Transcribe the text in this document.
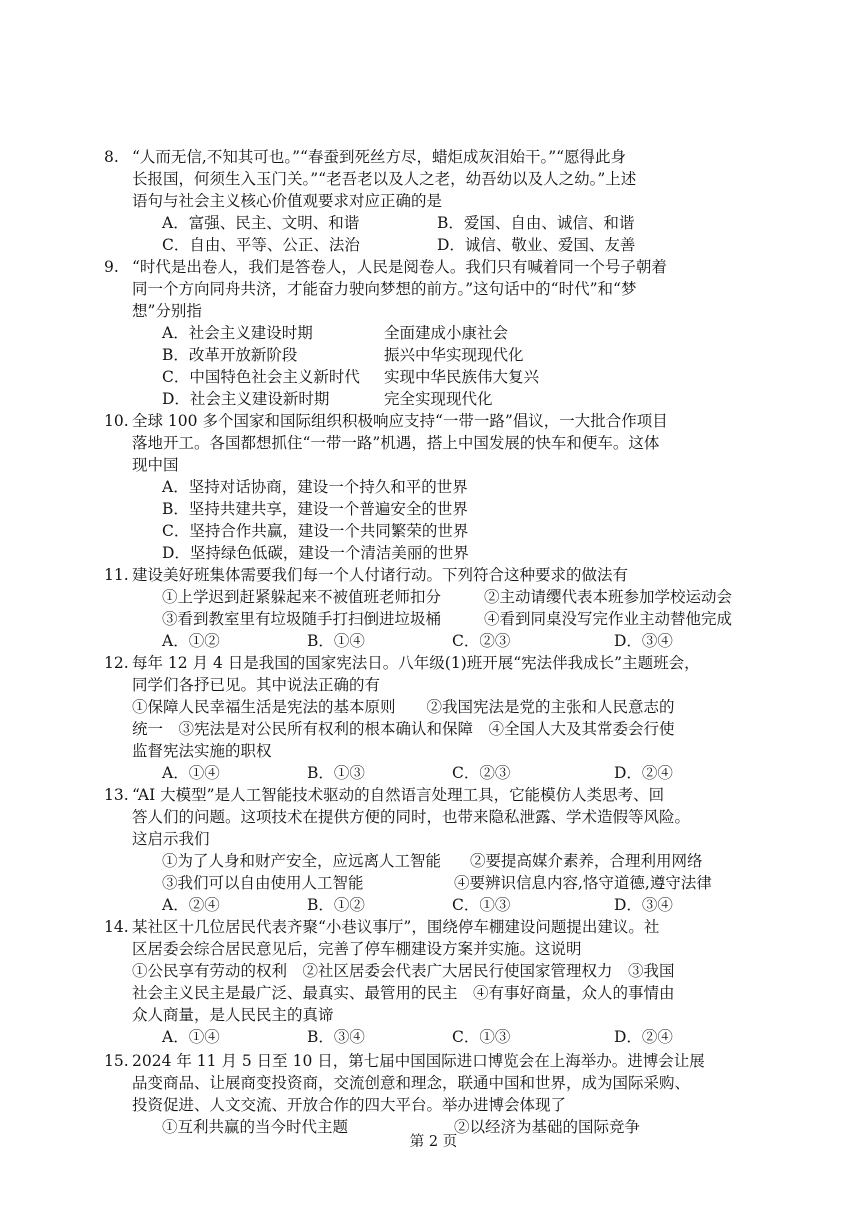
8. “人而无信,不知其可也。”“春蚕到死丝方尽，蜡炬成灰泪始干。”“愿得此身
长报国，何须生入玉门关。”“老吾老以及人之老，幼吾幼以及人之幼。”上述
语句与社会主义核心价值观要求对应正确的是
A．富强、民主、文明、和谐	B．爱国、自由、诚信、和谐
C．自由、平等、公正、法治	D．诚信、敬业、爱国、友善
9. “时代是出卷人，我们是答卷人，人民是阅卷人。我们只有喊着同一个号子朝着
同一个方向同舟共济，才能奋力驶向梦想的前方。”这句话中的“时代”和“梦
想”分别指
A．社会主义建设时期	全面建成小康社会
B．改革开放新阶段	振兴中华实现现代化
C．中国特色社会主义新时代 实现中华民族伟大复兴
D．社会主义建设新时期	完全实现现代化
10. 全球 100 多个国家和国际组织积极响应支持“一带一路”倡议，一大批合作项目
落地开工。各国都想抓住“一带一路”机遇，搭上中国发展的快车和便车。这体
现中国
A．坚持对话协商，建设一个持久和平的世界
B．坚持共建共享，建设一个普遍安全的世界
C．坚持合作共赢，建设一个共同繁荣的世界
D．坚持绿色低碳，建设一个清洁美丽的世界
11. 建设美好班集体需要我们每一个人付诸行动。下列符合这种要求的做法有
①上学迟到赶紧躲起来不被值班老师扣分	②主动请缨代表本班参加学校运动会
③看到教室里有垃圾随手打扫倒进垃圾桶	④看到同桌没写完作业主动替他完成
A．①②	B．①④	C．②③	D．③④
12. 每年 12 月 4 日是我国的国家宪法日。八年级(1)班开展“宪法伴我成长”主题班会，
同学们各抒已见。其中说法正确的有
①保障人民幸福生活是宪法的基本原则　　②我国宪法是党的主张和人民意志的
统一　③宪法是对公民所有权利的根本确认和保障　④全国人大及其常委会行使
监督宪法实施的职权
A．①④	B．①③	C．②③	D．②④
13. “AI 大模型”是人工智能技术驱动的自然语言处理工具，它能模仿人类思考、回
答人们的问题。这项技术在提供方便的同时，也带来隐私泄露、学术造假等风险。
这启示我们
①为了人身和财产安全，应远离人工智能 ②要提高媒介素养，合理利用网络
③我们可以自由使用人工智能	④要辨识信息内容,恪守道德,遵守法律
A．②④	B．①②	C．①③	D．③④
14. 某社区十几位居民代表齐聚“小巷议事厅”，围绕停车棚建设问题提出建议。社
区居委会综合居民意见后，完善了停车棚建设方案并实施。这说明
①公民享有劳动的权利　②社区居委会代表广大居民行使国家管理权力　③我国
社会主义民主是最广泛、最真实、最管用的民主　④有事好商量，众人的事情由
众人商量，是人民民主的真谛
A．①④	B．③④	C．①③	D．②④
15. 2024 年 11 月 5 日至 10 日，第七届中国国际进口博览会在上海举办。进博会让展
品变商品、让展商变投资商，交流创意和理念，联通中国和世界，成为国际采购、
投资促进、人文交流、开放合作的四大平台。举办进博会体现了
①互利共赢的当今时代主题	②以经济为基础的国际竞争
第 2 页
